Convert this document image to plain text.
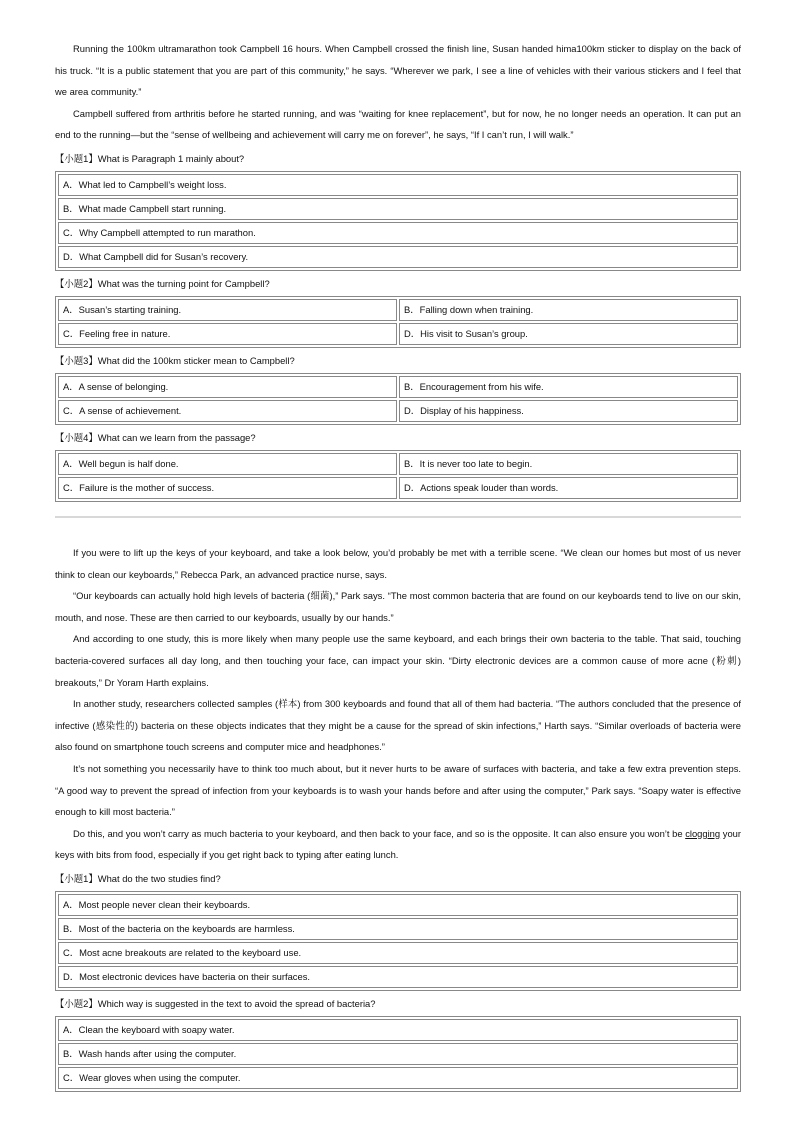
Running the 100km ultramarathon took Campbell 16 hours. When Campbell crossed the finish line, Susan handed hima100km sticker to display on the back of his truck. “It is a public statement that you are part of this community,” he says. “Wherever we park, I see a line of vehicles with their various stickers and I feel that we area community.”

Campbell suffered from arthritis before he started running, and was “waiting for knee replacement”, but for now, he no longer needs an operation. It can put an end to the running—but the “sense of wellbeing and achievement will carry me on forever”, he says, “If I can’t run, I will walk.”

【小题1】What is Paragraph 1 mainly about?
A．What led to Campbell’s weight loss.
B．What made Campbell start running.
C．Why Campbell attempted to run marathon.
D．What Campbell did for Susan’s recovery.
【小题2】What was the turning point for Campbell?
A．Susan’s starting training.	B．Falling down when training.
C．Feeling free in nature.	D．His visit to Susan’s group.
【小题3】What did the 100km sticker mean to Campbell?
A．A sense of belonging.	B．Encouragement from his wife.
C．A sense of achievement.	D．Display of his happiness.
【小题4】What can we learn from the passage?
A．Well begun is half done.	B．It is never too late to begin.
C．Failure is the mother of success.	D．Actions speak louder than words.

If you were to lift up the keys of your keyboard, and take a look below, you’d probably be met with a terrible scene. “We clean our homes but most of us never think to clean our keyboards,” Rebecca Park, an advanced practice nurse, says.

“Our keyboards can actually hold high levels of bacteria (细菌),” Park says. “The most common bacteria that are found on our keyboards tend to live on our skin, mouth, and nose. These are then carried to our keyboards, usually by our hands.”

And according to one study, this is more likely when many people use the same keyboard, and each brings their own bacteria to the table. That said, touching bacteria-covered surfaces all day long, and then touching your face, can impact your skin. “Dirty electronic devices are a common cause of more acne (粉刺) breakouts,” Dr Yoram Harth explains.

In another study, researchers collected samples (样本) from 300 keyboards and found that all of them had bacteria. “The authors concluded that the presence of infective (感染性的) bacteria on these objects indicates that they might be a cause for the spread of skin infections,” Harth says. “Similar overloads of bacteria were also found on smartphone touch screens and computer mice and headphones.”

It’s not something you necessarily have to think too much about, but it never hurts to be aware of surfaces with bacteria, and take a few extra prevention steps. “A good way to prevent the spread of infection from your keyboards is to wash your hands before and after using the computer,” Park says. “Soapy water is effective enough to kill most bacteria.”

Do this, and you won’t carry as much bacteria to your keyboard, and then back to your face, and so is the opposite. It can also ensure you won’t be clogging your keys with bits from food, especially if you get right back to typing after eating lunch.

【小题1】What do the two studies find?
A．Most people never clean their keyboards.
B．Most of the bacteria on the keyboards are harmless.
C．Most acne breakouts are related to the keyboard use.
D．Most electronic devices have bacteria on their surfaces.
【小题2】Which way is suggested in the text to avoid the spread of bacteria?
A．Clean the keyboard with soapy water.
B．Wash hands after using the computer.
C．Wear gloves when using the computer.
